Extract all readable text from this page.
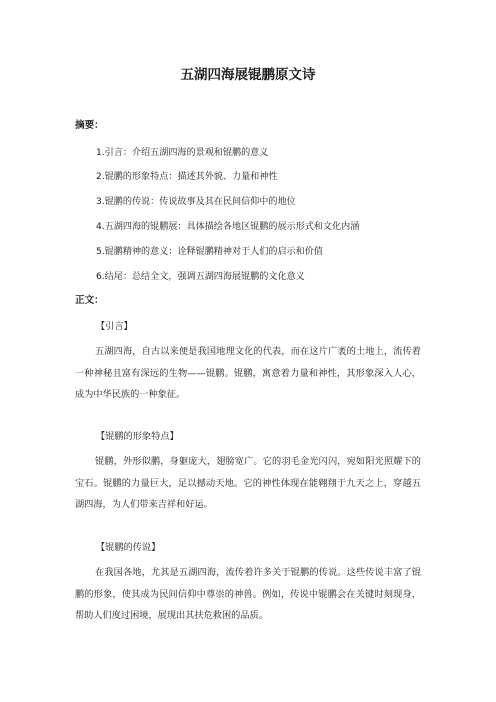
五湖四海展锟鹏原文诗
摘要：
1.引言：介绍五湖四海的景观和锟鹏的意义
2.锟鹏的形象特点：描述其外貌、力量和神性
3.锟鹏的传说：传说故事及其在民间信仰中的地位
4.五湖四海的锟鹏展：具体描绘各地区锟鹏的展示形式和文化内涵
5.锟鹏精神的意义：诠释锟鹏精神对于人们的启示和价值
6.结尾：总结全文，强调五湖四海展锟鹏的文化意义
正文：
【引言】

五湖四海，自古以来便是我国地理文化的代表，而在这片广袤的土地上，流传着一种神秘且富有深远的生物——锟鹏。锟鹏，寓意着力量和神性，其形象深入人心，成为中华民族的一种象征。

【锟鹏的形象特点】

锟鹏，外形似鹏，身躯庞大，翅膀宽广。它的羽毛金光闪闪，宛如阳光照耀下的宝石。锟鹏的力量巨大，足以撼动天地。它的神性体现在能翱翔于九天之上，穿越五湖四海，为人们带来吉祥和好运。

【锟鹏的传说】

在我国各地，尤其是五湖四海，流传着许多关于锟鹏的传说。这些传说丰富了锟鹏的形象，使其成为民间信仰中尊崇的神兽。例如，传说中锟鹏会在关键时刻现身，帮助人们度过困境，展现出其扶危救困的品质。
